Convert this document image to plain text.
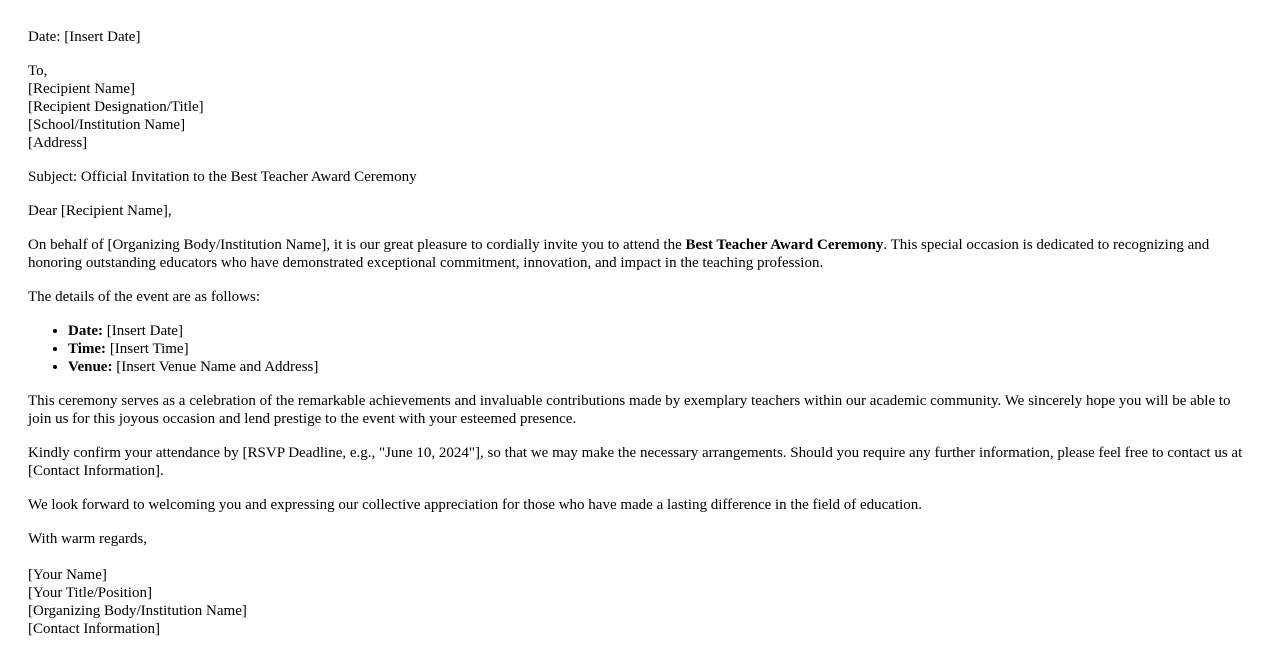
Date: [Insert Date]
To,
[Recipient Name]
[Recipient Designation/Title]
[School/Institution Name]
[Address]

Subject: Official Invitation to the Best Teacher Award Ceremony

Dear [Recipient Name],

On behalf of [Organizing Body/Institution Name], it is our great pleasure to cordially invite you to attend the Best Teacher Award Ceremony. This special occasion is dedicated to recognizing and honoring outstanding educators who have demonstrated exceptional commitment, innovation, and impact in the teaching profession.

The details of the event are as follows:

• Date: [Insert Date]
• Time: [Insert Time]
• Venue: [Insert Venue Name and Address]

This ceremony serves as a celebration of the remarkable achievements and invaluable contributions made by exemplary teachers within our academic community. We sincerely hope you will be able to join us for this joyous occasion and lend prestige to the event with your esteemed presence.

Kindly confirm your attendance by [RSVP Deadline, e.g., "June 10, 2024"], so that we may make the necessary arrangements. Should you require any further information, please feel free to contact us at [Contact Information].

We look forward to welcoming you and expressing our collective appreciation for those who have made a lasting difference in the field of education.

With warm regards,
[Your Name]
[Your Title/Position]
[Organizing Body/Institution Name]
[Contact Information]
